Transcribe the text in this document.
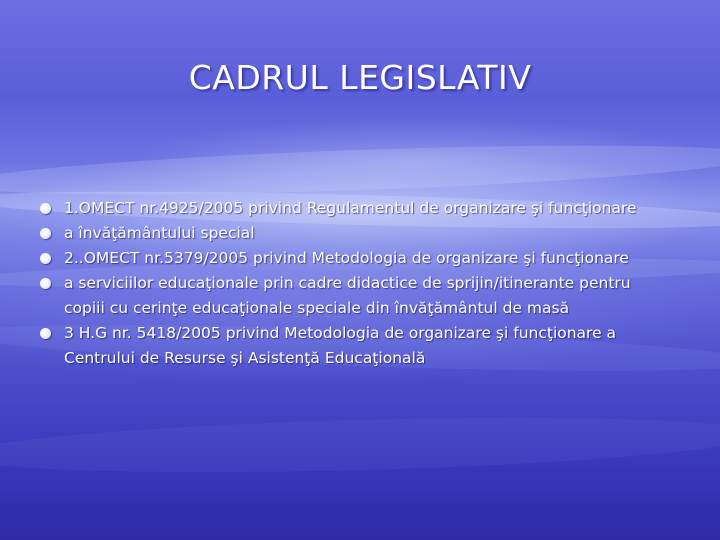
CADRUL LEGISLATIV
1.OMECT nr.4925/2005 privind Regulamentul de organizare şi funcţionare
a învăţământului special
2..OMECT nr.5379/2005 privind Metodologia de organizare şi funcţionare
a serviciilor educaţionale prin cadre didactice de sprijin/itinerante pentru
copiii cu cerinţe educaţionale speciale din învăţământul de masă
3 H.G nr. 5418/2005 privind Metodologia de organizare şi funcţionare a
Centrului de Resurse şi Asistenţă Educaţională
